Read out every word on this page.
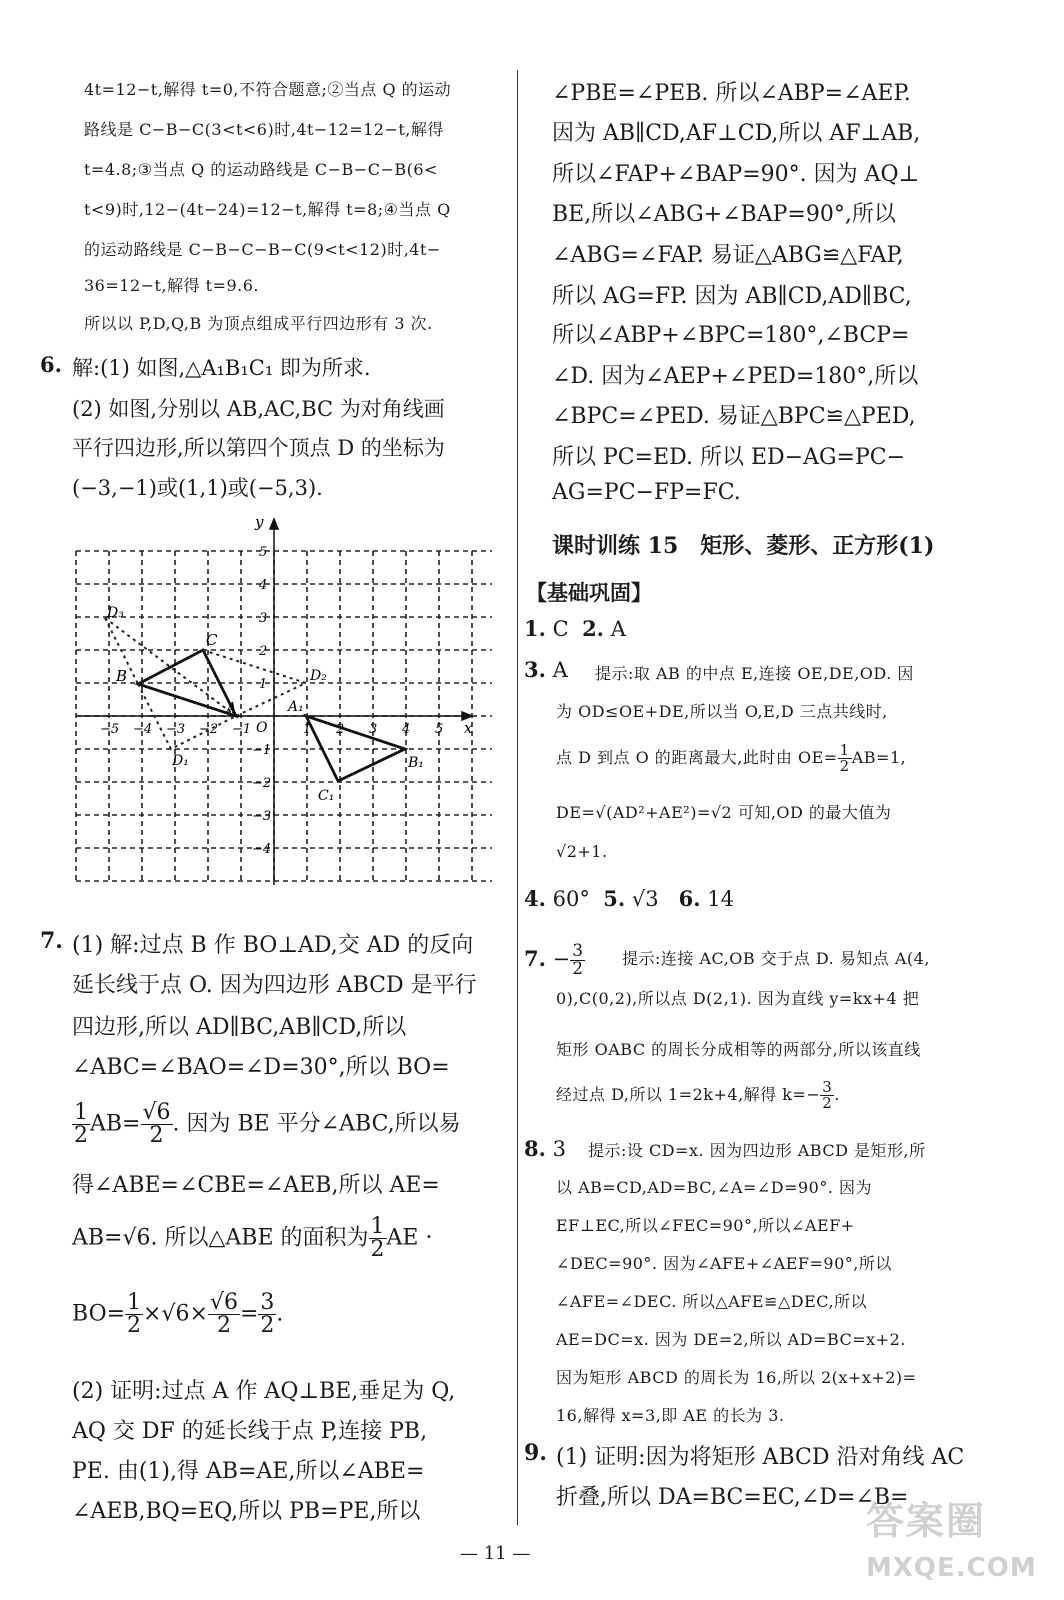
4t=12−t,解得 t=0,不符合题意;②当点 Q 的运动
路线是 C−B−C(3<t<6)时,4t−12=12−t,解得
t=4.8;③当点 Q 的运动路线是 C−B−C−B(6<
t<9)时,12−(4t−24)=12−t,解得 t=8;④当点 Q
的运动路线是 C−B−C−B−C(9<t<12)时,4t−
36=12−t,解得 t=9.6.
所以以 P,D,Q,B 为顶点组成平行四边形有 3 次.
6. 解:(1) 如图,△A₁B₁C₁ 即为所求.
(2) 如图,分别以 AB,AC,BC 为对角线画
平行四边形,所以第四个顶点 D 的坐标为
(−3,−1)或(1,1)或(−5,3).
−5 −4 −3 −2 −1	1 2 3 4 5
5
4
3
2
1
−1
−2
−3
−4
x
y
O
A
B
C
D₁
D₂
D₃
A₁
B₁
C₁
7. (1) 解:过点 B 作 BO⊥AD,交 AD 的反向
延长线于点 O. 因为四边形 ABCD 是平行
四边形,所以 AD∥BC,AB∥CD,所以
∠ABC=∠BAO=∠D=30°,所以 BO=
$\frac{1}{2} AB= \frac{√6}{2}$ . 因为 BE 平分∠ABC,所以易
得∠ABE=∠CBE=∠AEB,所以 AE=
AB=√6. 所以△ABE 的面积为 $\frac{1}{2}$ AE ·
$BO= \frac{1}{2} \times√6\times \frac{√6}{2} = \frac{3}{2}$ .
(2) 证明:过点 A 作 AQ⊥BE,垂足为 Q,
AQ 交 DF 的延长线于点 P,连接 PB,
PE. 由(1),得 AB=AE,所以∠ABE=
∠AEB,BQ=EQ,所以 PB=PE,所以
∠PBE=∠PEB. 所以∠ABP=∠AEP.
因为 AB∥CD,AF⊥CD,所以 AF⊥AB,
所以∠FAP+∠BAP=90°. 因为 AQ⊥
BE,所以∠ABG+∠BAP=90°,所以
∠ABG=∠FAP. 易证△ABG≌△FAP,
所以 AG=FP. 因为 AB∥CD,AD∥BC,
所以∠ABP+∠BPC=180°,∠BCP=
∠D. 因为∠AEP+∠PED=180°,所以
∠BPC=∠PED. 易证△BPC≌△PED,
所以 PC=ED. 所以 ED−AG=PC−
AG=PC−FP=FC.
课时训练 15　矩形、菱形、正方形(1)
【基础巩固】
1. C 2. A
3. A 提示:取 AB 的中点 E,连接 OE,DE,OD. 因
为 OD≤OE+DE,所以当 O,E,D 三点共线时,
点 D 到点 O 的距离最大,此时由 $OE= \frac{1}{2} AB=1$,
DE=√(AD²+AE²)=√2 可知,OD 的最大值为
√2+1.
4. 60° 5. √3 6. 14
7. − $\frac{3}{2}$ 提示:连接 AC,OB 交于点 D. 易知点 A(4,
0),C(0,2),所以点 D(2,1). 因为直线 y=kx+4 把
矩形 OABC 的周长分成相等的两部分,所以该直线
经过点 D,所以 1=2k+4,解得 $k=- \frac{3}{2}$ .
8. 3 提示:设 CD=x. 因为四边形 ABCD 是矩形,所
以 AB=CD,AD=BC,∠A=∠D=90°. 因为
EF⊥EC,所以∠FEC=90°,所以∠AEF+
∠DEC=90°. 因为∠AFE+∠AEF=90°,所以
∠AFE=∠DEC. 所以△AFE≌△DEC,所以
AE=DC=x. 因为 DE=2,所以 AD=BC=x+2.
因为矩形 ABCD 的周长为 16,所以 2(x+x+2)=
16,解得 x=3,即 AE 的长为 3.
9. (1) 证明:因为将矩形 ABCD 沿对角线 AC
折叠,所以 DA=BC=EC,∠D=∠B=
— 11 —
答案圈
MXQE.COM
